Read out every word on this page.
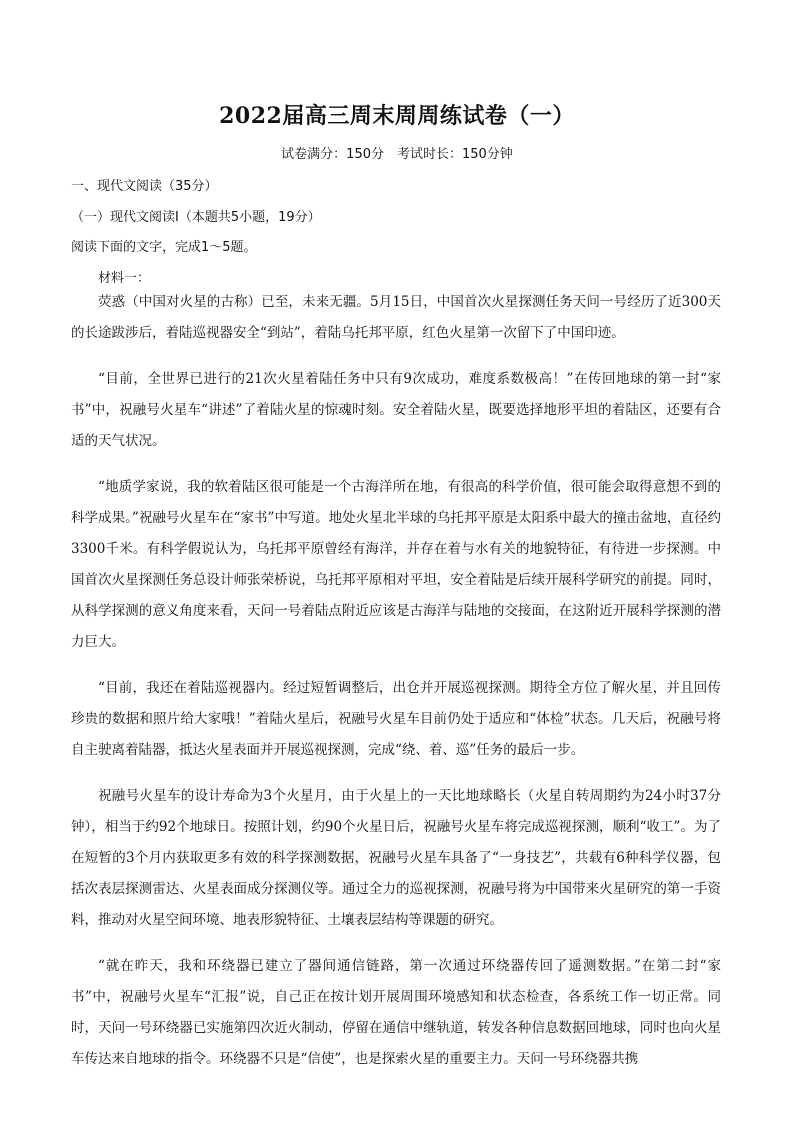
2022届高三周末周周练试卷（一）
试卷满分：150分　考试时长：150分钟
一、现代文阅读（35分）
（一）现代文阅读Ⅰ（本题共5小题，19分）
阅读下面的文字，完成1～5题。
材料一：

荧惑（中国对火星的古称）已至，未来无疆。5月15日，中国首次火星探测任务天问一号经历了近300天的长途跋涉后，着陆巡视器安全“到站”，着陆乌托邦平原，红色火星第一次留下了中国印迹。

“目前，全世界已进行的21次火星着陆任务中只有9次成功，难度系数极高！”在传回地球的第一封“家书”中，祝融号火星车“讲述”了着陆火星的惊魂时刻。安全着陆火星，既要选择地形平坦的着陆区，还要有合适的天气状况。

“地质学家说，我的软着陆区很可能是一个古海洋所在地，有很高的科学价值，很可能会取得意想不到的科学成果。”祝融号火星车在“家书”中写道。地处火星北半球的乌托邦平原是太阳系中最大的撞击盆地，直径约3300千米。有科学假说认为，乌托邦平原曾经有海洋，并存在着与水有关的地貌特征，有待进一步探测。中国首次火星探测任务总设计师张荣桥说，乌托邦平原相对平坦，安全着陆是后续开展科学研究的前提。同时，从科学探测的意义角度来看，天问一号着陆点附近应该是古海洋与陆地的交接面，在这附近开展科学探测的潜力巨大。

“目前，我还在着陆巡视器内。经过短暂调整后，出仓并开展巡视探测。期待全方位了解火星，并且回传珍贵的数据和照片给大家哦！”着陆火星后，祝融号火星车目前仍处于适应和“体检”状态。几天后，祝融号将自主驶离着陆器，抵达火星表面并开展巡视探测，完成“绕、着、巡”任务的最后一步。

祝融号火星车的设计寿命为3个火星月，由于火星上的一天比地球略长（火星自转周期约为24小时37分钟），相当于约92个地球日。按照计划，约90个火星日后，祝融号火星车将完成巡视探测，顺利“收工”。为了在短暂的3个月内获取更多有效的科学探测数据，祝融号火星车具备了“一身技艺”，共载有6种科学仪器，包括次表层探测雷达、火星表面成分探测仪等。通过全力的巡视探测，祝融号将为中国带来火星研究的第一手资料，推动对火星空间环境、地表形貌特征、土壤表层结构等课题的研究。

“就在昨天，我和环绕器已建立了器间通信链路，第一次通过环绕器传回了遥测数据。”在第二封“家书”中，祝融号火星车“汇报”说，自己正在按计划开展周围环境感知和状态检查，各系统工作一切正常。同时，天问一号环绕器已实施第四次近火制动，停留在通信中继轨道，转发各种信息数据回地球，同时也向火星车传达来自地球的指令。环绕器不只是“信使”，也是探索火星的重要主力。天问一号环绕器共携
